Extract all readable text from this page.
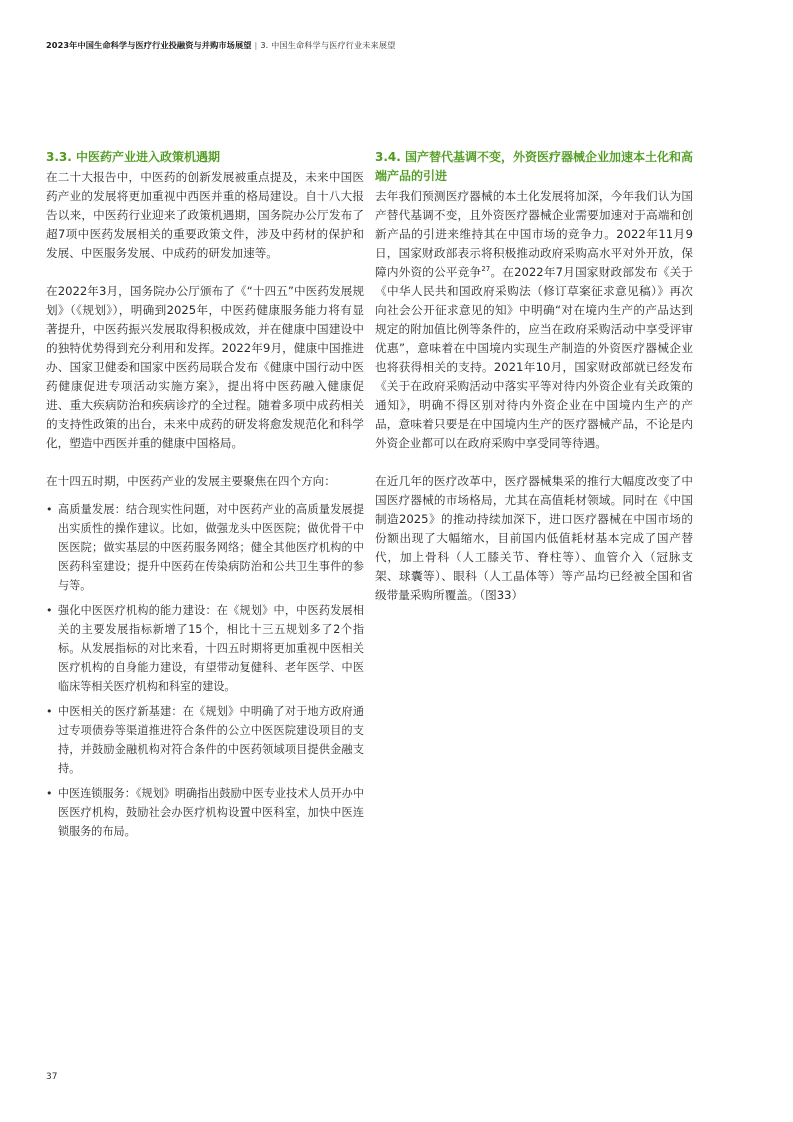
2023年中国生命科学与医疗行业投融资与并购市场展望 | 3. 中国生命科学与医疗行业未来展望
3.3. 中医药产业进入政策机遇期

在二十大报告中，中医药的创新发展被重点提及，未来中国医药产业的发展将更加重视中西医并重的格局建设。自十八大报告以来，中医药行业迎来了政策机遇期，国务院办公厅发布了超7项中医药发展相关的重要政策文件，涉及中药材的保护和发展、中医服务发展、中成药的研发加速等。

在2022年3月，国务院办公厅颁布了《“十四五”中医药发展规划》（《规划》），明确到2025年，中医药健康服务能力将有显著提升，中医药振兴发展取得积极成效，并在健康中国建设中的独特优势得到充分利用和发挥。2022年9月，健康中国推进办、国家卫健委和国家中医药局联合发布《健康中国行动中医药健康促进专项活动实施方案》，提出将中医药融入健康促进、重大疾病防治和疾病诊疗的全过程。随着多项中成药相关的支持性政策的出台，未来中成药的研发将愈发规范化和科学化，塑造中西医并重的健康中国格局。

在十四五时期，中医药产业的发展主要聚焦在四个方向：

• 高质量发展：结合现实性问题，对中医药产业的高质量发展提出实质性的操作建议。比如，做强龙头中医医院；做优骨干中医医院；做实基层的中医药服务网络；健全其他医疗机构的中医药科室建设；提升中医药在传染病防治和公共卫生事件的参与等。
• 强化中医医疗机构的能力建设：在《规划》中，中医药发展相关的主要发展指标新增了15个，相比十三五规划多了2个指标。从发展指标的对比来看，十四五时期将更加重视中医相关医疗机构的自身能力建设，有望带动复健科、老年医学、中医临床等相关医疗机构和科室的建设。
• 中医相关的医疗新基建：在《规划》中明确了对于地方政府通过专项债券等渠道推进符合条件的公立中医医院建设项目的支持，并鼓励金融机构对符合条件的中医药领域项目提供金融支持。
• 中医连锁服务：《规划》明确指出鼓励中医专业技术人员开办中医医疗机构，鼓励社会办医疗机构设置中医科室，加快中医连锁服务的布局。
3.4. 国产替代基调不变，外资医疗器械企业加速本土化和高端产品的引进

去年我们预测医疗器械的本土化发展将加深，今年我们认为国产替代基调不变，且外资医疗器械企业需要加速对于高端和创新产品的引进来维持其在中国市场的竞争力。2022年11月9日，国家财政部表示将积极推动政府采购高水平对外开放，保障内外资的公平竞争$^{27}$。在2022年7月国家财政部发布《关于《中华人民共和国政府采购法（修订草案征求意见稿）》再次向社会公开征求意见的知》中明确“对在境内生产的产品达到规定的附加值比例等条件的，应当在政府采购活动中享受评审优惠”，意味着在中国境内实现生产制造的外资医疗器械企业也将获得相关的支持。2021年10月，国家财政部就已经发布《关于在政府采购活动中落实平等对待内外资企业有关政策的通知》，明确不得区别对待内外资企业在中国境内生产的产品，意味着只要是在中国境内生产的医疗器械产品，不论是内外资企业都可以在政府采购中享受同等待遇。

在近几年的医疗改革中，医疗器械集采的推行大幅度改变了中国医疗器械的市场格局，尤其在高值耗材领域。同时在《中国制造2025》的推动持续加深下，进口医疗器械在中国市场的份额出现了大幅缩水，目前国内低值耗材基本完成了国产替代，加上骨科（人工膝关节、脊柱等）、血管介入（冠脉支架、球囊等）、眼科（人工晶体等）等产品均已经被全国和省级带量采购所覆盖。（图33）

37
